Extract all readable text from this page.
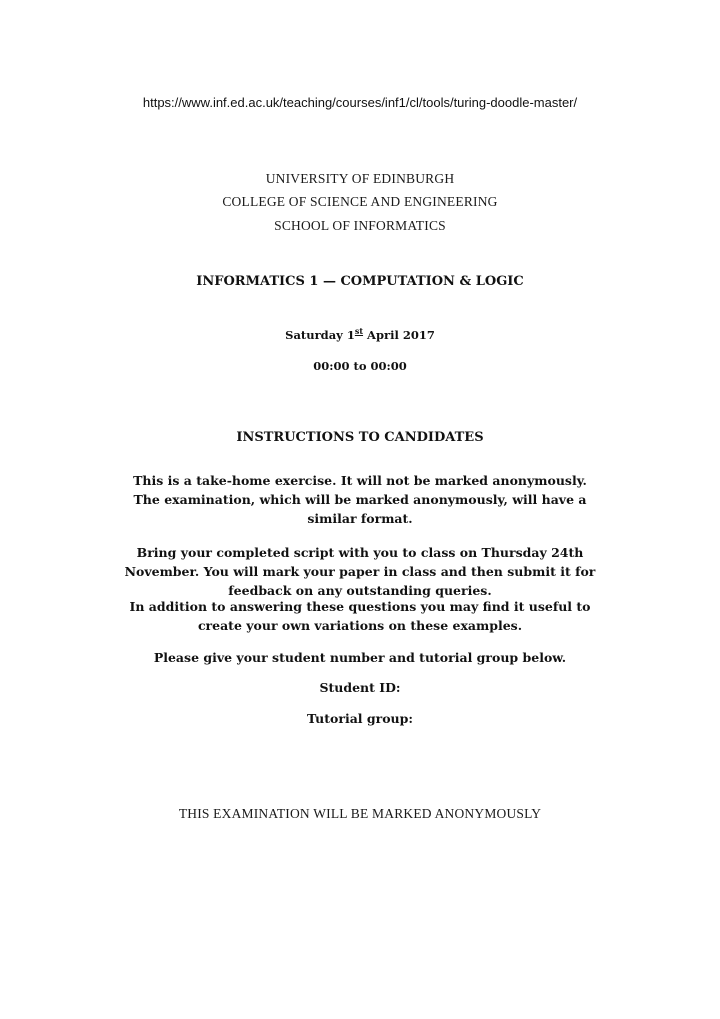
https://www.inf.ed.ac.uk/teaching/courses/inf1/cl/tools/turing-doodle-master/
UNIVERSITY OF EDINBURGH
COLLEGE OF SCIENCE AND ENGINEERING
SCHOOL OF INFORMATICS
INFORMATICS 1 — COMPUTATION & LOGIC
Saturday 1st April 2017
00:00 to 00:00
INSTRUCTIONS TO CANDIDATES
This is a take-home exercise. It will not be marked anonymously. The examination, which will be marked anonymously, will have a similar format.
Bring your completed script with you to class on Thursday 24th November. You will mark your paper in class and then submit it for feedback on any outstanding queries.
In addition to answering these questions you may find it useful to create your own variations on these examples.
Please give your student number and tutorial group below.
Student ID:
Tutorial group:
THIS EXAMINATION WILL BE MARKED ANONYMOUSLY
